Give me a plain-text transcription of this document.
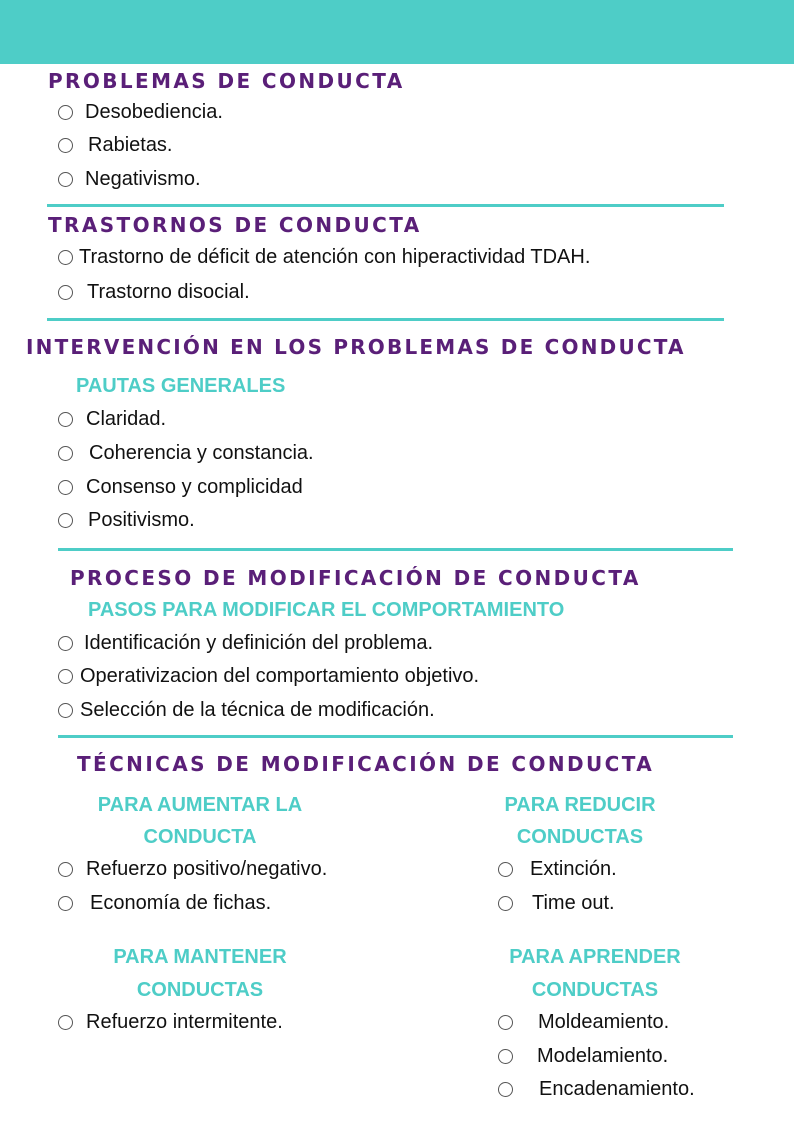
PROBLEMAS DE CONDUCTA
Desobediencia.
Rabietas.
Negativismo.
TRASTORNOS DE CONDUCTA
Trastorno de déficit de atención con hiperactividad TDAH.
Trastorno disocial.
INTERVENCIÓN EN LOS PROBLEMAS DE CONDUCTA
PAUTAS GENERALES
Claridad.
Coherencia y constancia.
Consenso y complicidad
Positivismo.
PROCESO DE MODIFICACIÓN DE CONDUCTA
PASOS PARA MODIFICAR EL COMPORTAMIENTO
Identificación y definición del problema.
Operativizacion del comportamiento objetivo.
Selección de la técnica de modificación.
TÉCNICAS DE MODIFICACIÓN DE CONDUCTA
PARA AUMENTAR LA
CONDUCTA
Refuerzo positivo/negativo.
Economía de fichas.
PARA REDUCIR
CONDUCTAS
Extinción.
Time out.
PARA MANTENER
CONDUCTAS
Refuerzo intermitente.
PARA APRENDER
CONDUCTAS
Moldeamiento.
Modelamiento.
Encadenamiento.
